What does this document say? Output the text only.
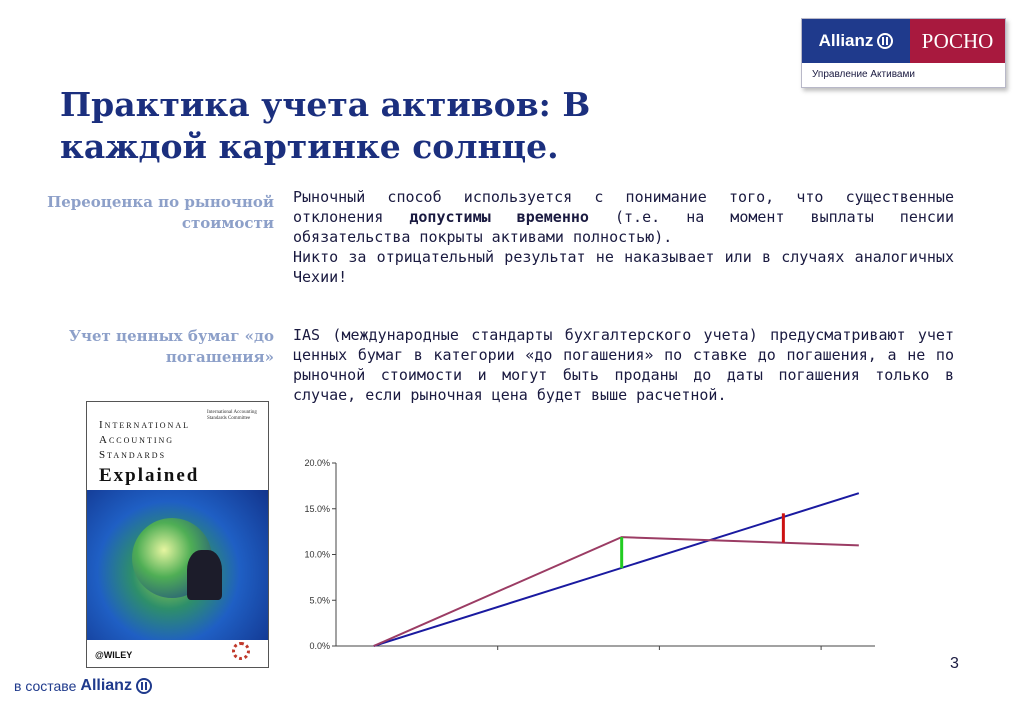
Allianz	РОСНО
Управление Активами
Практика учета активов: В каждой картинке солнце.
Переоценка по рыночной стоимости
Рыночный способ используется с понимание того, что существенные отклонения допустимы временно (т.е. на момент выплаты пенсии обязательства покрыты активами полностью).
Никто за отрицательный результат не наказывает или в случаях аналогичных Чехии!
Учет ценных бумаг «до погашения»
IAS (международные стандарты бухгалтерского учета) предусматривают учет ценных бумаг в категории «до погашения» по ставке до погашения, а не по рыночной стоимости и могут быть проданы до даты погашения только в случае, если рыночная цена будет выше расчетной.
International
Accounting
Standards
Explained
International Accounting Standards Committee
@WILEY
0.0%
5.0%
10.0%
15.0%
20.0%
3
в составе Allianz
